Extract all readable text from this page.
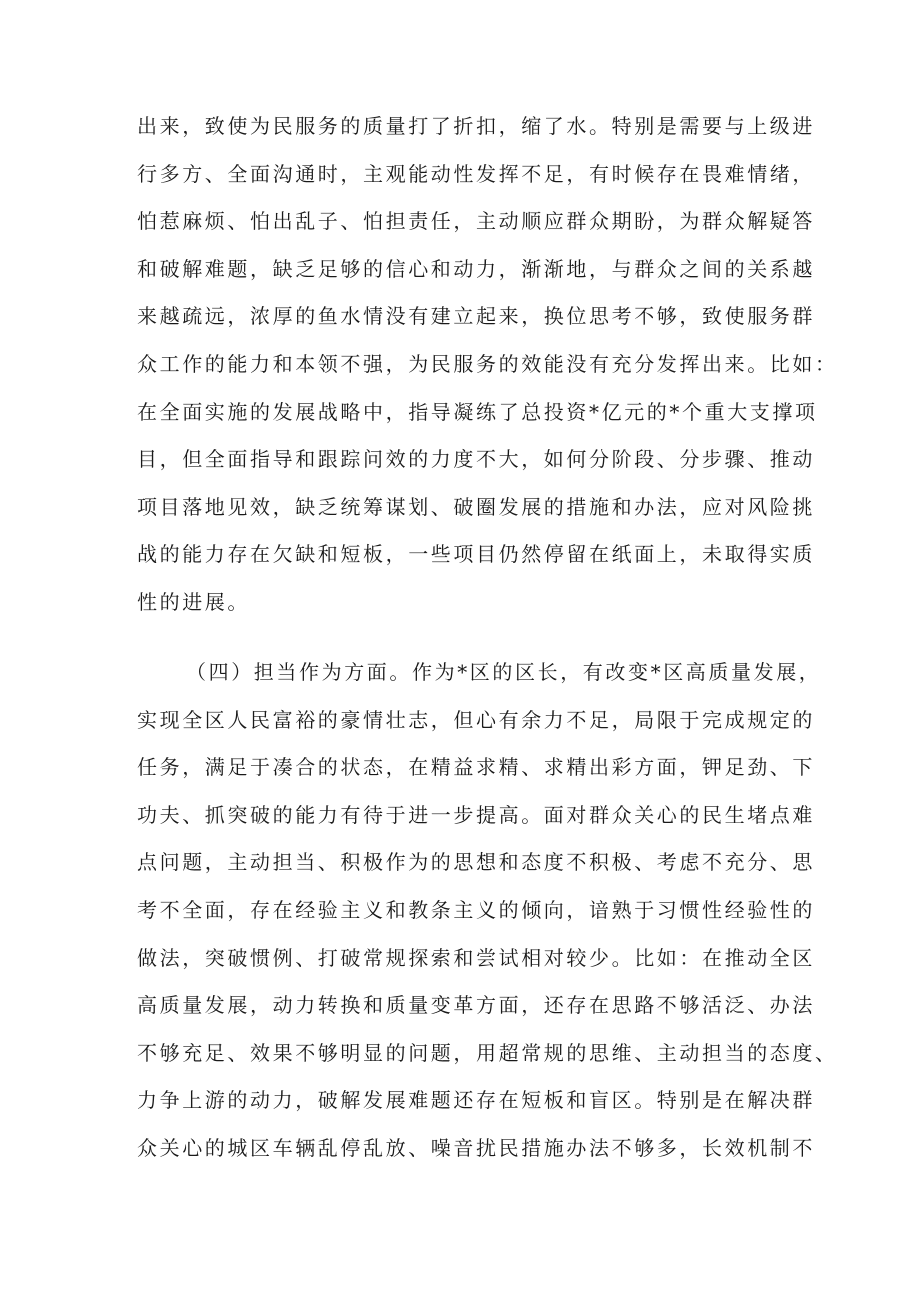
出来，致使为民服务的质量打了折扣，缩了水。特别是需要与上级进
行多方、全面沟通时，主观能动性发挥不足，有时候存在畏难情绪，
怕惹麻烦、怕出乱子、怕担责任，主动顺应群众期盼，为群众解疑答
和破解难题，缺乏足够的信心和动力，渐渐地，与群众之间的关系越
来越疏远，浓厚的鱼水情没有建立起来，换位思考不够，致使服务群
众工作的能力和本领不强，为民服务的效能没有充分发挥出来。比如：
在全面实施的发展战略中，指导凝练了总投资*亿元的*个重大支撑项
目，但全面指导和跟踪问效的力度不大，如何分阶段、分步骤、推动
项目落地见效，缺乏统筹谋划、破圈发展的措施和办法，应对风险挑
战的能力存在欠缺和短板，一些项目仍然停留在纸面上，未取得实质
性的进展。
（四）担当作为方面。作为*区的区长，有改变*区高质量发展，
实现全区人民富裕的豪情壮志，但心有余力不足，局限于完成规定的
任务，满足于凑合的状态，在精益求精、求精出彩方面，钾足劲、下
功夫、抓突破的能力有待于进一步提高。面对群众关心的民生堵点难
点问题，主动担当、积极作为的思想和态度不积极、考虑不充分、思
考不全面，存在经验主义和教条主义的倾向，谙熟于习惯性经验性的
做法，突破惯例、打破常规探索和尝试相对较少。比如：在推动全区
高质量发展，动力转换和质量变革方面，还存在思路不够活泛、办法
不够充足、效果不够明显的问题，用超常规的思维、主动担当的态度、
力争上游的动力，破解发展难题还存在短板和盲区。特别是在解决群
众关心的城区车辆乱停乱放、噪音扰民措施办法不够多，长效机制不
